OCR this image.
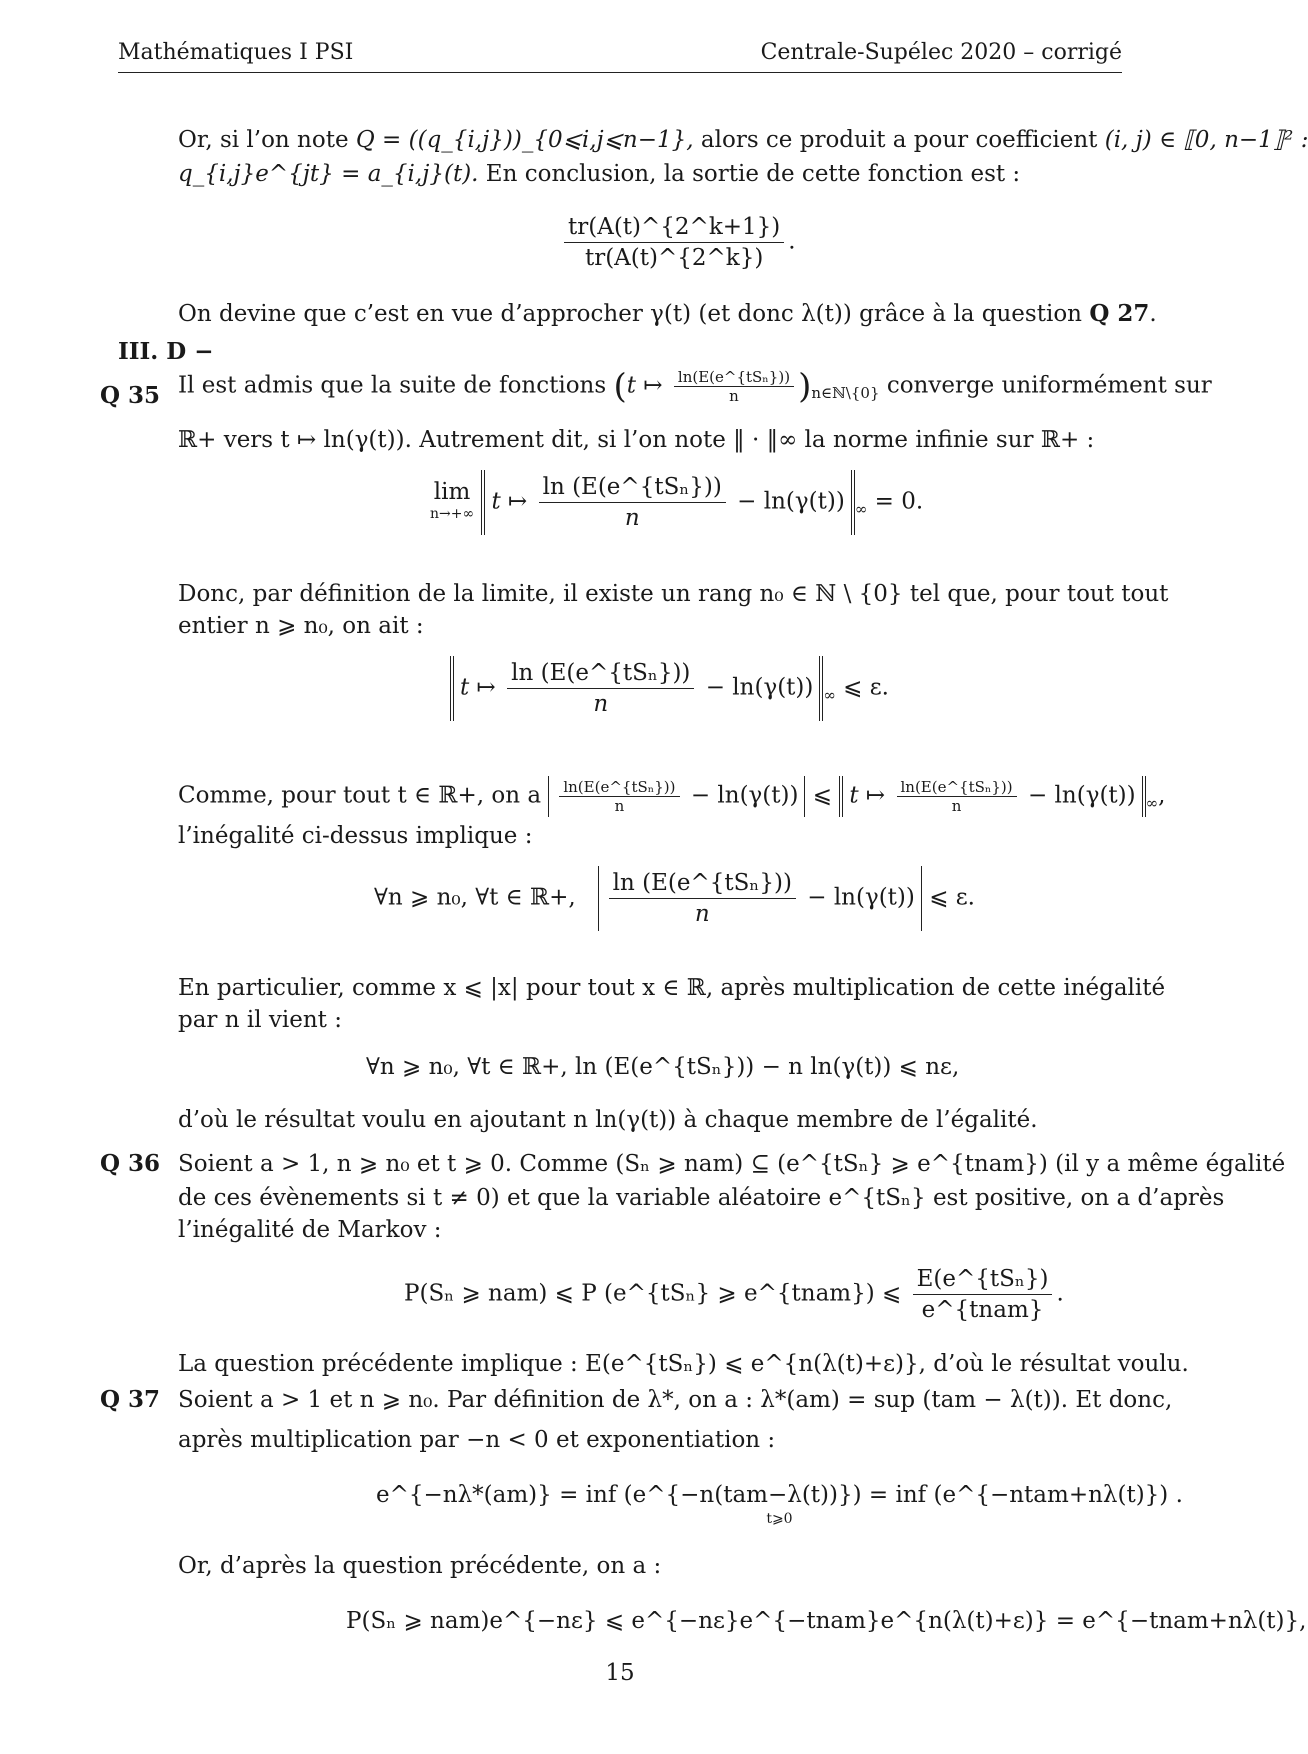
Mathématiques I PSI	Centrale-Supélec 2020 – corrigé
Or, si l’on note Q = ((q_{i,j}))_{0⩽i,j⩽n−1}, alors ce produit a pour coefficient (i, j) ∈ ⟦0, n−1⟧² :
q_{i,j}e^{jt} = a_{i,j}(t). En conclusion, la sortie de cette fonction est :
$\frac{tr(A(t)\^{}\{2\^{}k+1\})}{tr(A(t)\^{}\{2\^{}k\})}$ .
On devine que c’est en vue d’approcher γ(t) (et donc λ(t)) grâce à la question Q 27.
III. D −
Q 35 Il est admis que la suite de fonctions (t ↦ $\frac{\text{ln(E(e\textasciicircum{}\{tSₙ\}))}}{n} )_{n\in ℕ\backslash\{0\}}$ converge uniformément sur
ℝ+ vers t ↦ ln(γ(t)). Autrement dit, si l’on note ‖ · ‖∞ la norme infinie sur ℝ+ :
lim
n→+∞ t ↦ $\frac{\text{ln (E(e\textasciicircum{}\{tSₙ\}))}}{n} - \ln(\gamma(t)) _\infty = 0$.
Donc, par définition de la limite, il existe un rang n₀ ∈ ℕ \ {0} tel que, pour tout tout
entier n ⩾ n₀, on ait :
t ↦ $\frac{\text{ln (E(e\textasciicircum{}\{tSₙ\}))}}{n} - \ln(\gamma(t))$ $_\infty$ ⩽ ε.
Comme, pour tout t ∈ ℝ+, on a $\frac{\text{ln(E(e\textasciicircum{}\{tSₙ\}))}}{n} - \ln(\gamma(t))$ ⩽ t ↦ $\frac{\text{ln(E(e\textasciicircum{}\{tSₙ\}))}}{n} - \ln(\gamma(t))$ $_\infty$,
l’inégalité ci-dessus implique :
∀n ⩾ n₀, ∀t ∈ ℝ+, $\frac{\text{ln (E(e\textasciicircum{}\{tSₙ\}))}}{n} - \ln(\gamma(t))$ ⩽ ε.
En particulier, comme x ⩽ |x| pour tout x ∈ ℝ, après multiplication de cette inégalité
par n il vient :
∀n ⩾ n₀, ∀t ∈ ℝ+, ln (E(e^{tSₙ})) − n ln(γ(t)) ⩽ nε,
d’où le résultat voulu en ajoutant n ln(γ(t)) à chaque membre de l’égalité.
Q 36 Soient a > 1, n ⩾ n₀ et t ⩾ 0. Comme (Sₙ ⩾ nam) ⊆ (e^{tSₙ} ⩾ e^{tnam}) (il y a même égalité
de ces évènements si t ≠ 0) et que la variable aléatoire e^{tSₙ} est positive, on a d’après
l’inégalité de Markov :
P(Sₙ ⩾ nam) ⩽ P (e^{tSₙ} ⩾ e^{tnam}) ⩽ $\frac{\text{E(e\textasciicircum{}\{tSₙ\})}}{\text{e\textasciicircum{}\{tnam\}}}$ .
La question précédente implique : E(e^{tSₙ}) ⩽ e^{n(λ(t)+ε)}, d’où le résultat voulu.
Q 37 Soient a > 1 et n ⩾ n₀. Par définition de λ*, on a : λ*(am) = sup (tam − λ(t)). Et donc,
après multiplication par −n < 0 et exponentiation :
e^{−nλ*(am)} = inf (e^{−n(tam−λ(t))}) = inf (e^{−ntam+nλ(t)}) .
t⩾0
Or, d’après la question précédente, on a :
P(Sₙ ⩾ nam)e^{−nε} ⩽ e^{−nε}e^{−tnam}e^{n(λ(t)+ε)} = e^{−tnam+nλ(t)},
15
